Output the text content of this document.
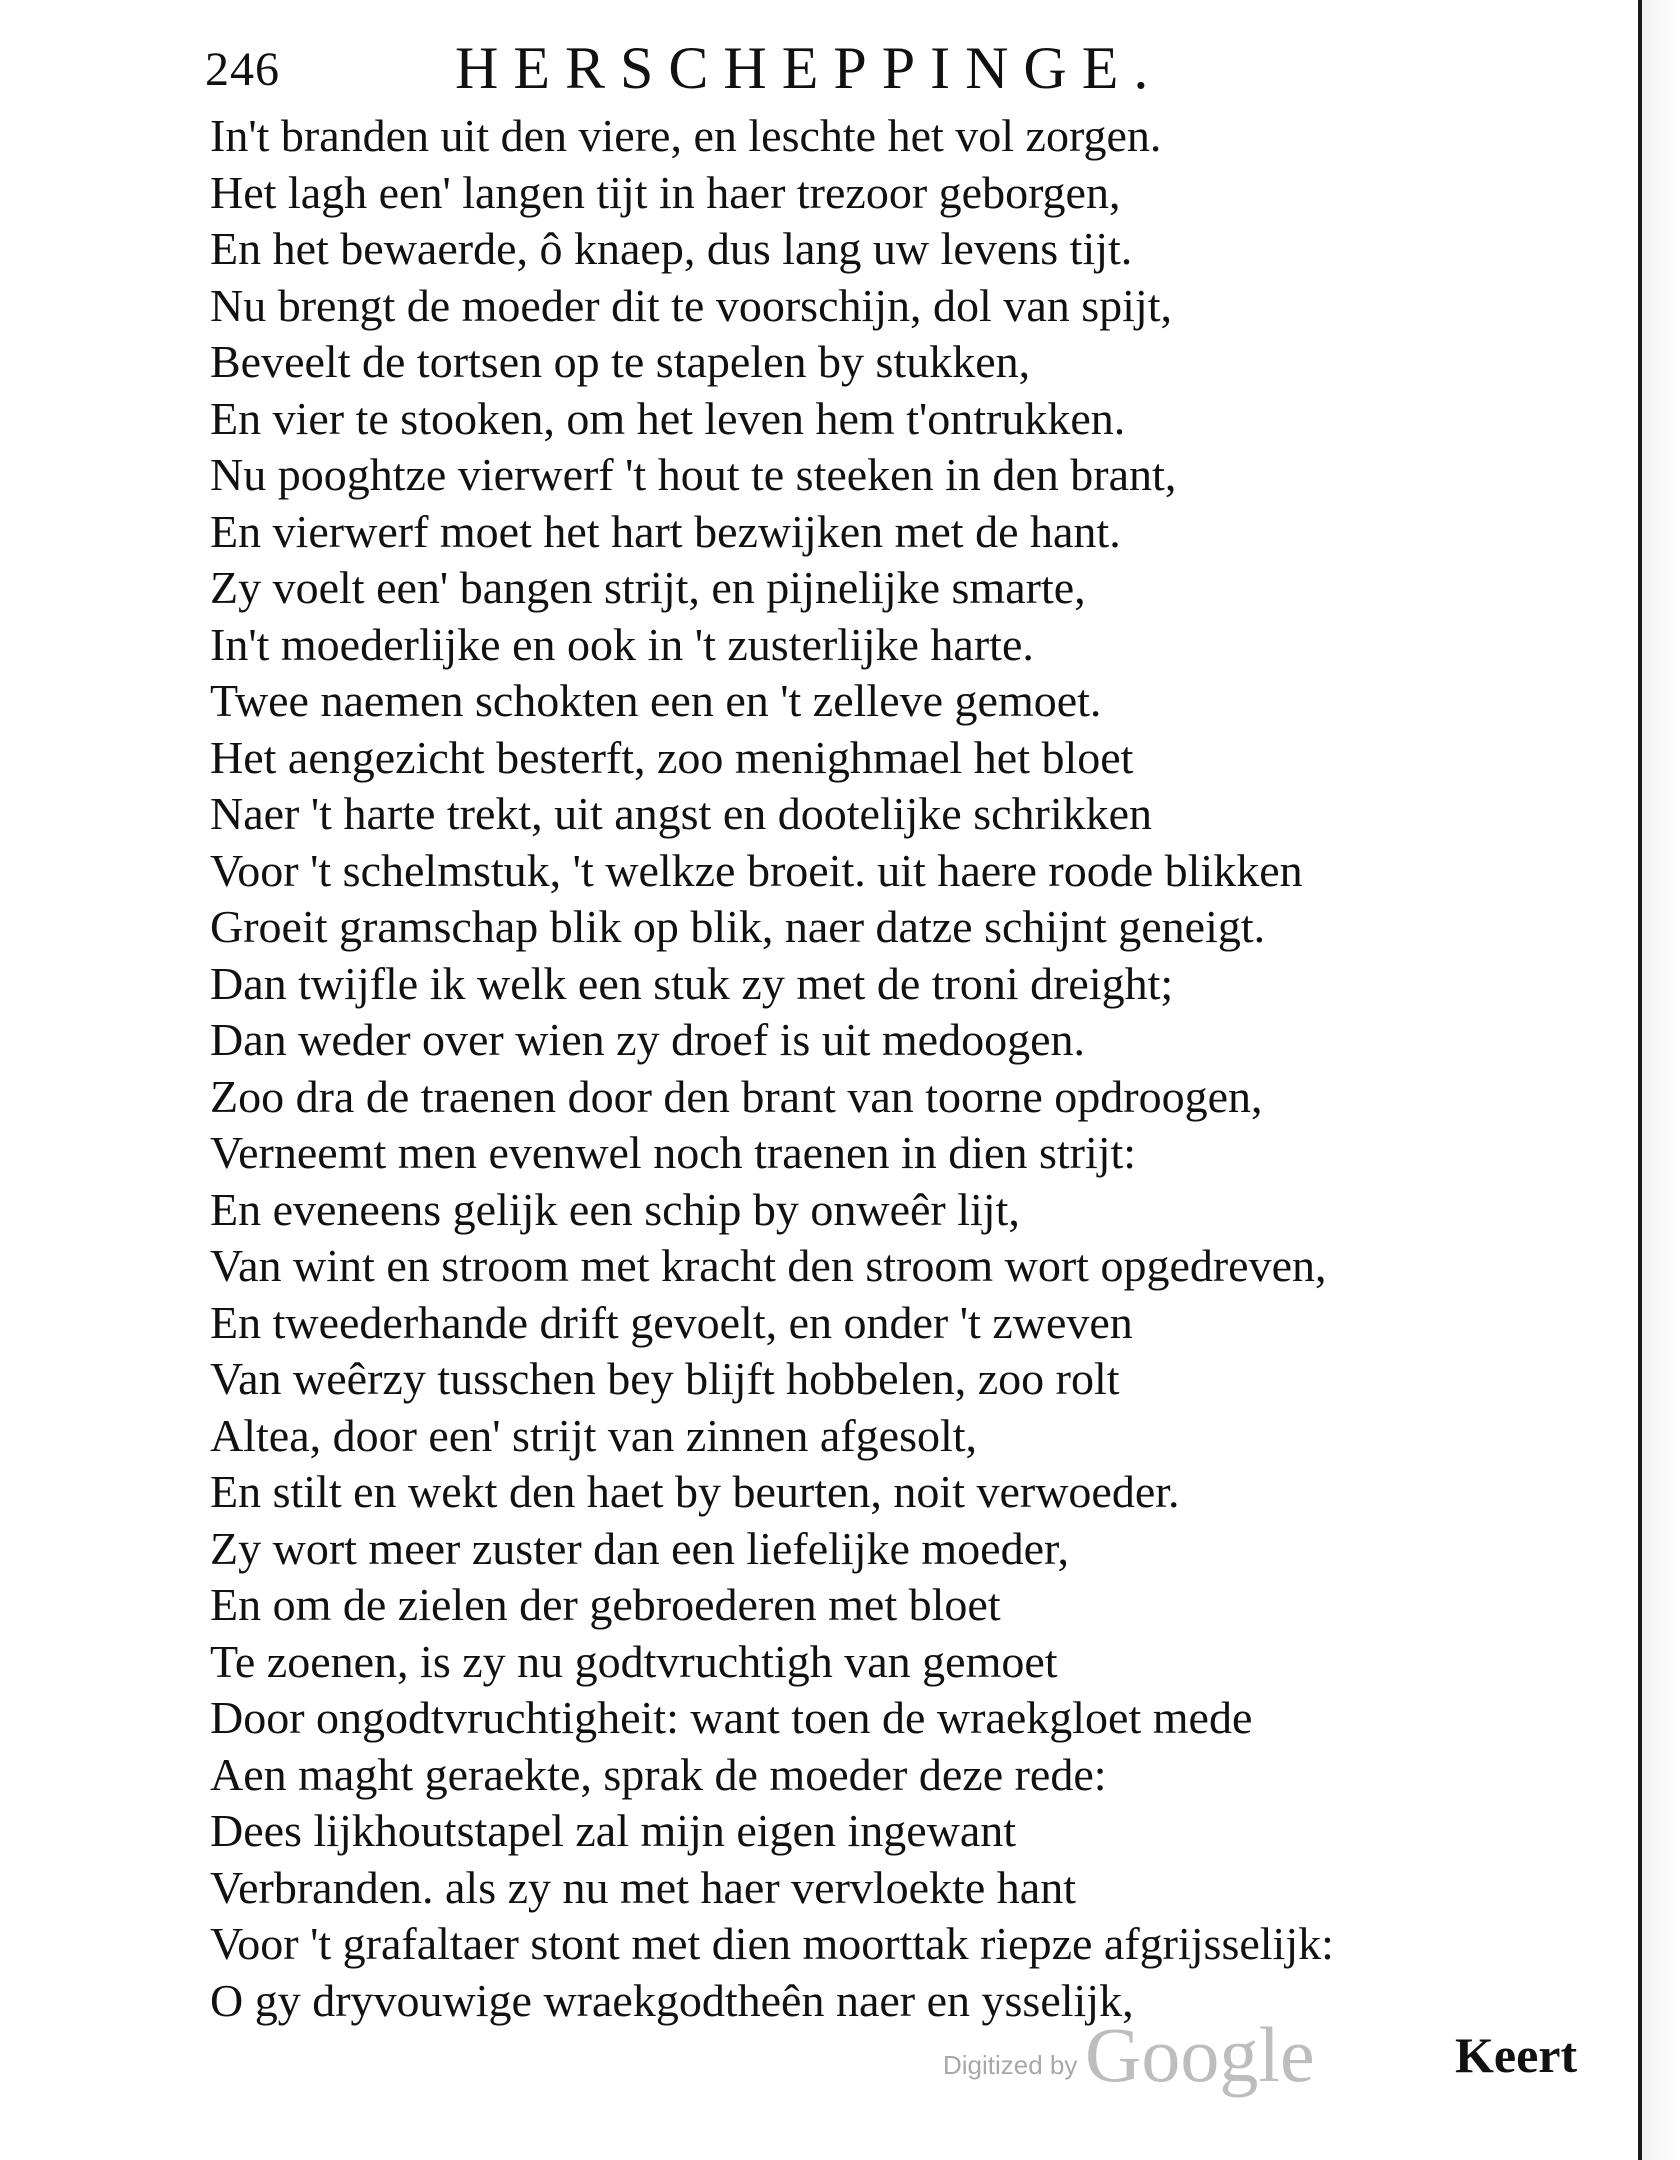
246	HERSCHEPPINGE.
In't branden uit den viere, en leschte het vol zorgen.
Het lagh een' langen tijt in haer trezoor geborgen,
En het bewaerde, ô knaep, dus lang uw levens tijt.
Nu brengt de moeder dit te voorschijn, dol van spijt,
Beveelt de tortsen op te stapelen by stukken,
En vier te stooken, om het leven hem t'ontrukken.
Nu pooghtze vierwerf 't hout te steeken in den brant,
En vierwerf moet het hart bezwijken met de hant.
Zy voelt een' bangen strijt, en pijnelijke smarte,
In't moederlijke en ook in 't zusterlijke harte.
Twee naemen schokten een en 't zelleve gemoet.
Het aengezicht besterft, zoo menighmael het bloet
Naer 't harte trekt, uit angst en dootelijke schrikken
Voor 't schelmstuk, 't welkze broeit. uit haere roode blikken
Groeit gramschap blik op blik, naer datze schijnt geneigt.
Dan twijfle ik welk een stuk zy met de troni dreight;
Dan weder over wien zy droef is uit medoogen.
Zoo dra de traenen door den brant van toorne opdroogen,
Verneemt men evenwel noch traenen in dien strijt:
En eveneens gelijk een schip by onweêr lijt,
Van wint en stroom met kracht den stroom wort opgedreven,
En tweederhande drift gevoelt, en onder 't zweven
Van weêrzy tusschen bey blijft hobbelen, zoo rolt
Altea, door een' strijt van zinnen afgesolt,
En stilt en wekt den haet by beurten, noit verwoeder.
Zy wort meer zuster dan een liefelijke moeder,
En om de zielen der gebroederen met bloet
Te zoenen, is zy nu godtvruchtigh van gemoet
Door ongodtvruchtigheit: want toen de wraekgloet mede
Aen maght geraekte, sprak de moeder deze rede:
Dees lijkhoutstapel zal mijn eigen ingewant
Verbranden. als zy nu met haer vervloekte hant
Voor 't grafaltaer stont met dien moorttak riepze afgrijsselijk:
O gy dryvouwige wraekgodtheên naer en ysselijk,
Digitized by Google	Keert
